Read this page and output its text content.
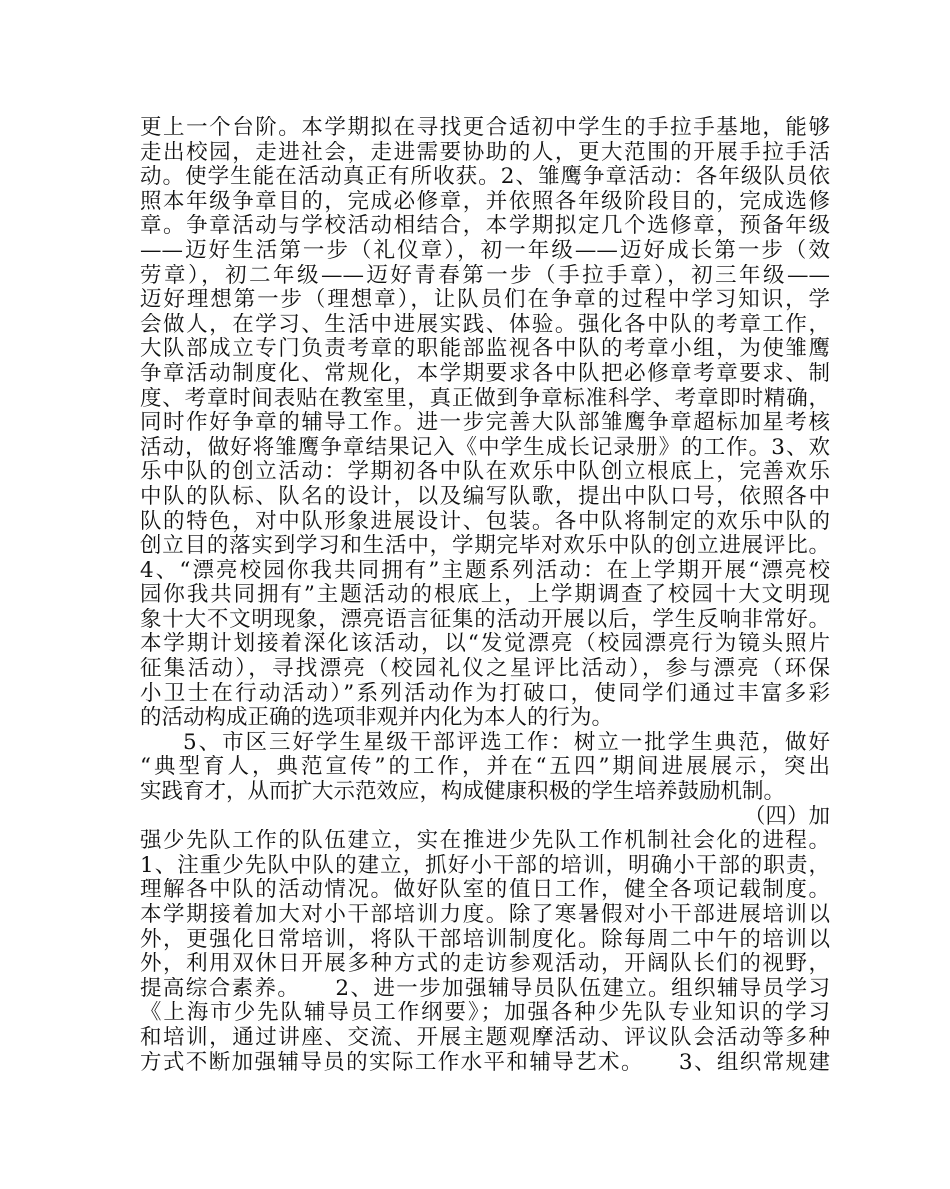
更上一个台阶。本学期拟在寻找更合适初中学生的手拉手基地，能够
走出校园，走进社会，走进需要协助的人，更大范围的开展手拉手活
动。使学生能在活动真正有所收获。2、雏鹰争章活动：各年级队员依
照本年级争章目的，完成必修章，并依照各年级阶段目的，完成选修
章。争章活动与学校活动相结合，本学期拟定几个选修章，预备年级
——迈好生活第一步（礼仪章），初一年级——迈好成长第一步（效
劳章），初二年级——迈好青春第一步（手拉手章），初三年级——
迈好理想第一步（理想章），让队员们在争章的过程中学习知识，学
会做人，在学习、生活中进展实践、体验。强化各中队的考章工作，
大队部成立专门负责考章的职能部监视各中队的考章小组，为使雏鹰
争章活动制度化、常规化，本学期要求各中队把必修章考章要求、制
度、考章时间表贴在教室里，真正做到争章标准科学、考章即时精确，
同时作好争章的辅导工作。进一步完善大队部雏鹰争章超标加星考核
活动，做好将雏鹰争章结果记入《中学生成长记录册》的工作。3、欢
乐中队的创立活动：学期初各中队在欢乐中队创立根底上，完善欢乐
中队的队标、队名的设计，以及编写队歌，提出中队口号，依照各中
队的特色，对中队形象进展设计、包装。各中队将制定的欢乐中队的
创立目的落实到学习和生活中，学期完毕对欢乐中队的创立进展评比。
4、“漂亮校园你我共同拥有”主题系列活动：在上学期开展“漂亮校
园你我共同拥有”主题活动的根底上，上学期调查了校园十大文明现
象十大不文明现象，漂亮语言征集的活动开展以后，学生反响非常好。
本学期计划接着深化该活动，以“发觉漂亮（校园漂亮行为镜头照片
征集活动），寻找漂亮（校园礼仪之星评比活动），参与漂亮（环保
小卫士在行动活动）”系列活动作为打破口，使同学们通过丰富多彩
的活动构成正确的选项非观并内化为本人的行为。
5、市区三好学生星级干部评选工作：树立一批学生典范，做好
“典型育人，典范宣传”的工作，并在“五四”期间进展展示，突出
实践育才，从而扩大示范效应，构成健康积极的学生培养鼓励机制。
（四）加
强少先队工作的队伍建立，实在推进少先队工作机制社会化的进程。
1、注重少先队中队的建立，抓好小干部的培训，明确小干部的职责，
理解各中队的活动情况。做好队室的值日工作，健全各项记载制度。
本学期接着加大对小干部培训力度。除了寒暑假对小干部进展培训以
外，更强化日常培训，将队干部培训制度化。除每周二中午的培训以
外，利用双休日开展多种方式的走访参观活动，开阔队长们的视野，
提高综合素养。　　2、进一步加强辅导员队伍建立。组织辅导员学习
《上海市少先队辅导员工作纲要》；加强各种少先队专业知识的学习
和培训，通过讲座、交流、开展主题观摩活动、评议队会活动等多种
方式不断加强辅导员的实际工作水平和辅导艺术。　　3、组织常规建
